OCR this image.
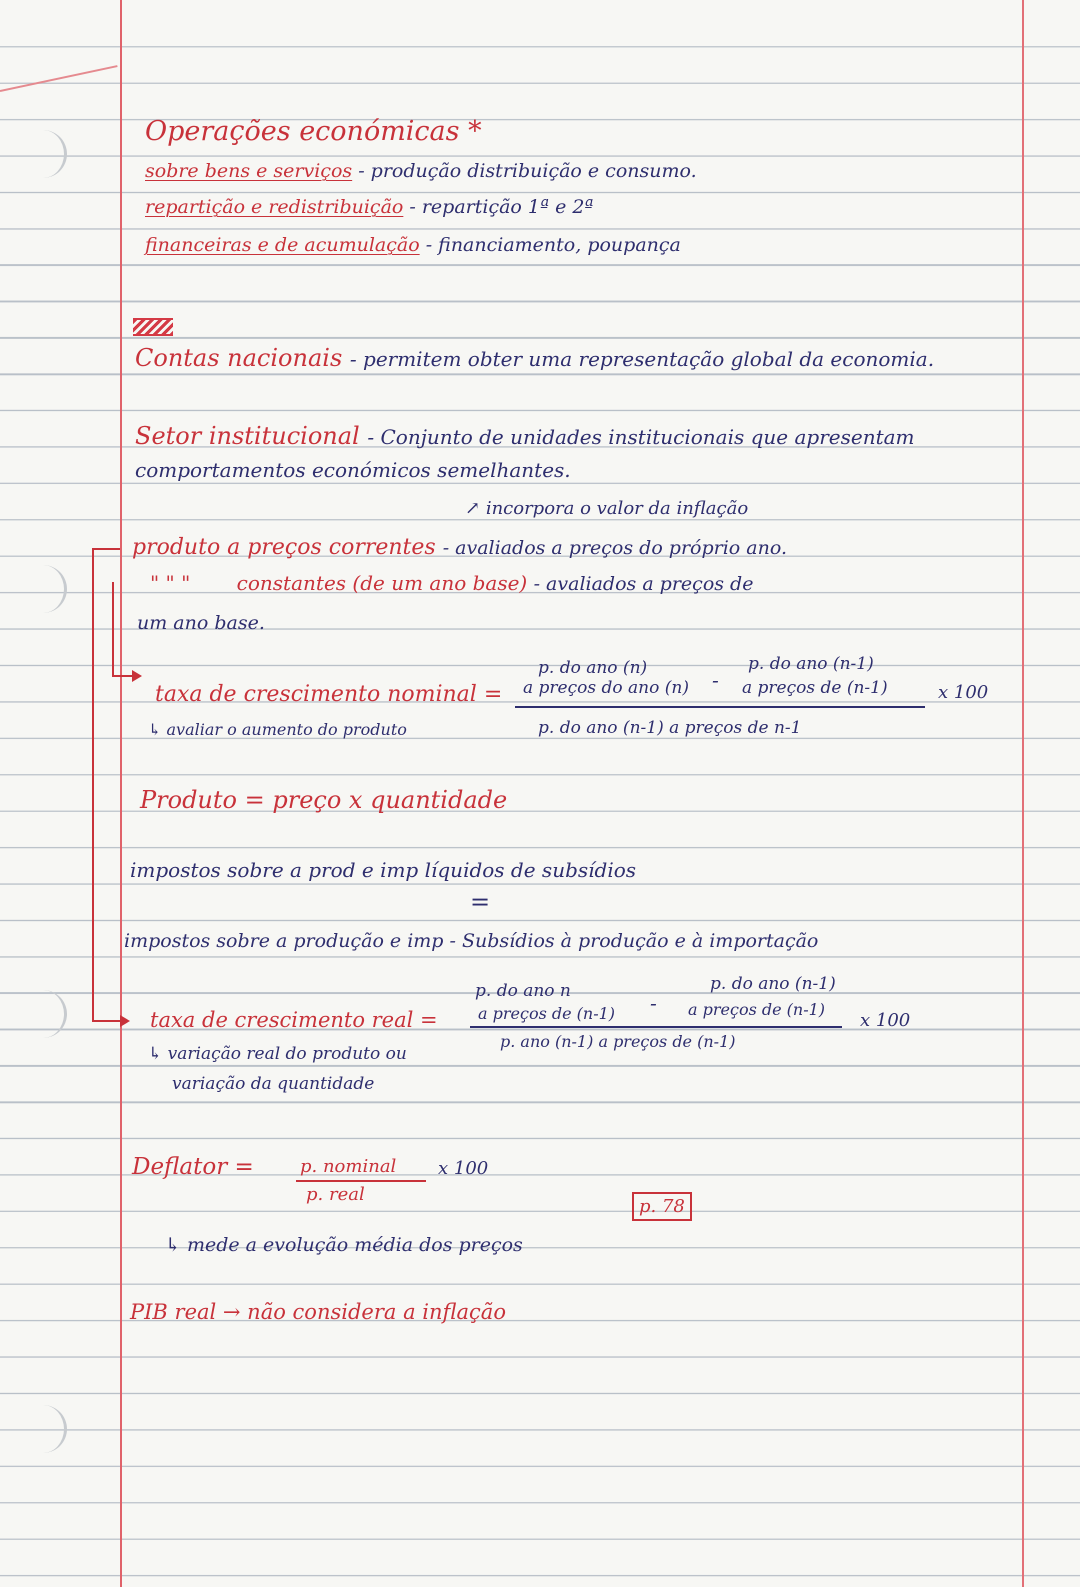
Operações económicas *
sobre bens e serviços - produção distribuição e consumo.
repartição e redistribuição - repartição 1ª e 2ª
financeiras e de acumulação - financiamento, poupança
Contas nacionais - permitem obter uma representação global da economia.
Setor institucional - Conjunto de unidades institucionais que apresentam
comportamentos económicos semelhantes.
↗ incorpora o valor da inflação
produto a preços correntes - avaliados a preços do próprio ano.
" " " constantes (de um ano base) - avaliados a preços de
um ano base.
taxa de crescimento nominal =
p. do ano (n)
a preços do ano (n) -
p. do ano (n-1)
a preços de (n-1)
p. do ano (n-1) a preços de n-1
x 100
↳ avaliar o aumento do produto
Produto = preço x quantidade
impostos sobre a prod e imp líquidos de subsídios
=
impostos sobre a produção e imp - Subsídios à produção e à importação
taxa de crescimento real =
p. do ano n
a preços de (n-1) -
p. do ano (n-1)
a preços de (n-1)
p. ano (n-1) a preços de (n-1)
x 100
↳ variação real do produto ou
variação da quantidade
Deflator =	p. nominal
p. real
x 100
p. 78
↳ mede a evolução média dos preços
PIB real → não considera a inflação
